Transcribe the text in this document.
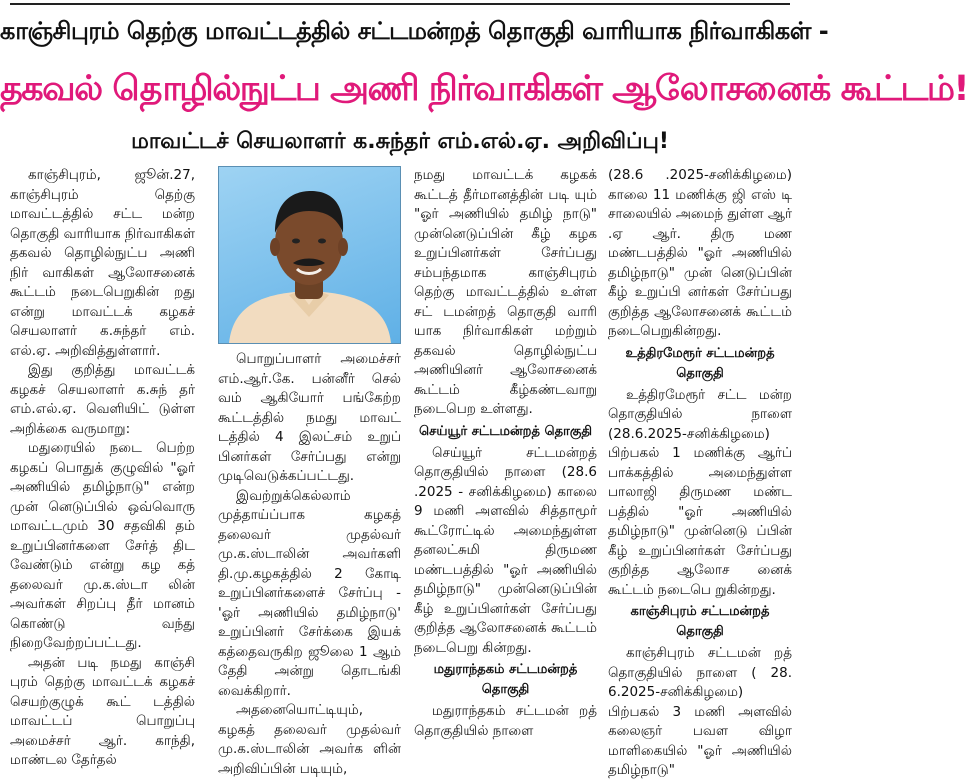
காஞ்சிபுரம் தெற்கு மாவட்டத்தில் சட்டமன்றத் தொகுதி வாரியாக நிர்வாகிகள் -
தகவல் தொழில்நுட்ப அணி நிர்வாகிகள் ஆலோசனைக் கூட்டம்!
மாவட்டச் செயலாளர் க.சுந்தர் எம்.எல்.ஏ. அறிவிப்பு!

காஞ்சிபுரம், ஜூன்.27, காஞ்சிபுரம் தெற்கு மாவட்டத்தில் சட்ட மன்ற தொகுதி வாரியாக நிர்வாகிகள் தகவல் தொழில்நுட்ப அணி நிர் வாகிகள் ஆலோசனைக் கூட்டம் நடைபெறுகின் றது என்று மாவட்டக் கழகச் செயலாளர் க.சுந்தர் எம். எல்.ஏ. அறிவித்துள்ளார்.

இது குறித்து மாவட்டக் கழகச் செயலாளர் க.சுந் தர் எம்.எல்.ஏ. வெளியிட் டுள்ள அறிக்கை வருமாறு:

மதுரையில் நடை பெற்ற கழகப் பொதுக் குழுவில் "ஓர் அணியில் தமிழ்நாடு" என்ற முன் னெடுப்பில் ஒவ்வொரு மாவட்டமும் 30 சதவிகி தம் உறுப்பினர்களை சேர்த் திட வேண்டும் என்று கழ கத் தலைவர் மு.க.ஸ்டா லின் அவர்கள் சிறப்பு தீர் மானம் கொண்டு வந்து நிறைவேற்றப்பட்டது.

அதன் படி நமது காஞ்சி புரம் தெற்கு மாவட்டக் கழகச் செயற்குழுக் கூட் டத்தில் மாவட்டப் பொறுப்பு அமைச்சர் ஆர். காந்தி, மாண்டல தேர்தல்

பொறுப்பாளர் அமைச்சர் எம்.ஆர்.கே. பன்னீர் செல் வம் ஆகியோர் பங்கேற்ற கூட்டத்தில் நமது மாவட் டத்தில் 4 இலட்சம் உறுப் பினர்கள் சேர்ப்பது என்று முடிவெடுக்கப்பட்டது.

இவற்றுக்கெல்லாம் முத்தாய்ப்பாக கழகத் தலைவர் முதல்வர் மு.க.ஸ்டாலின் அவர்களி தி.மு.கழகத்தில் 2 கோடி உறுப்பினர்களைச் சேர்ப்பு - 'ஓர் அணியில் தமிழ்நாடு' உறுப்பினர் சேர்க்கை இயக் கத்தைவருகிற ஜூலை 1 ஆம் தேதி அன்று தொடங்கி வைக்கிறார்.

அதனையொட்டியும், கழகத் தலைவர் முதல்வர் மு.க.ஸ்டாலின் அவர்க ளின் அறிவிப்பின் படியும்,

நமது மாவட்டக் கழகக் கூட்டத் தீர்மானத்தின் படி யும் "ஓர் அணியில் தமிழ் நாடு" முன்னெடுப்பின் கீழ் கழக உறுப்பினர்கள் சேர்ப்பது சம்பந்தமாக காஞ்சிபுரம் தெற்கு மாவட்டத்தில் உள்ள சட் டமன்றத் தொகுதி வாரி யாக நிர்வாகிகள் மற்றும் தகவல் தொழில்நுட்ப அணியினர் ஆலோசனைக் கூட்டம் கீழ்கண்டவாறு நடைபெற உள்ளது.

செய்யூர் சட்டமன்றத் தொகுதி

செய்யூர் சட்டமன்றத் தொகுதியில் நாளை (28.6 .2025 - சனிக்கிழமை) காலை 9 மணி அளவில் சித்தாமூர் கூட்ரோட்டில் அமைந்துள்ள தனலட்சுமி திருமண மண்டபத்தில் "ஓர் அணியில் தமிழ்நாடு" முன்னெடுப்பின் கீழ் உறுப்பினர்கள் சேர்ப்பது குறித்த ஆலோசனைக் கூட்டம் நடைபெறு கின்றது.

மதுராந்தகம் சட்டமன்றத் தொகுதி

மதுராந்தகம் சட்டமன் றத் தொகுதியில் நாளை

(28.6 .2025-சனிக்கிழமை) காலை 11 மணிக்கு ஜி எஸ் டி சாலையில் அமைந் துள்ள ஆர் .ஏ ஆர். திரு மண மண்டபத்தில் "ஓர் அணியில் தமிழ்நாடு" முன் னெடுப்பின் கீழ் உறுப்பி னர்கள் சேர்ப்பது குறித்த ஆலோசனைக் கூட்டம் நடைபெறுகின்றது.

உத்திரமேரூர் சட்டமன்றத் தொகுதி

உத்திரமேரூர் சட்ட மன்ற தொகுதியில் நாளை (28.6.2025-சனிக்கிழமை) பிற்பகல் 1 மணிக்கு ஆர்ப் பாக்கத்தில் அமைந்துள்ள பாலாஜி திருமண மண்ட பத்தில் "ஓர் அணியில் தமிழ்நாடு" முன்னெடு ப்பின் கீழ் உறுப்பினர்கள் சேர்ப்பது குறித்த ஆலோச னைக் கூட்டம் நடைபெ றுகின்றது.

காஞ்சிபுரம் சட்டமன்றத் தொகுதி

காஞ்சிபுரம் சட்டமன் றத் தொகுதியில் நாளை ( 28. 6.2025-சனிக்கிழமை) பிற்பகல் 3 மணி அளவில் கலைஞர் பவள விழா மாளிகையில் "ஓர் அணியில் தமிழ்நாடு"
